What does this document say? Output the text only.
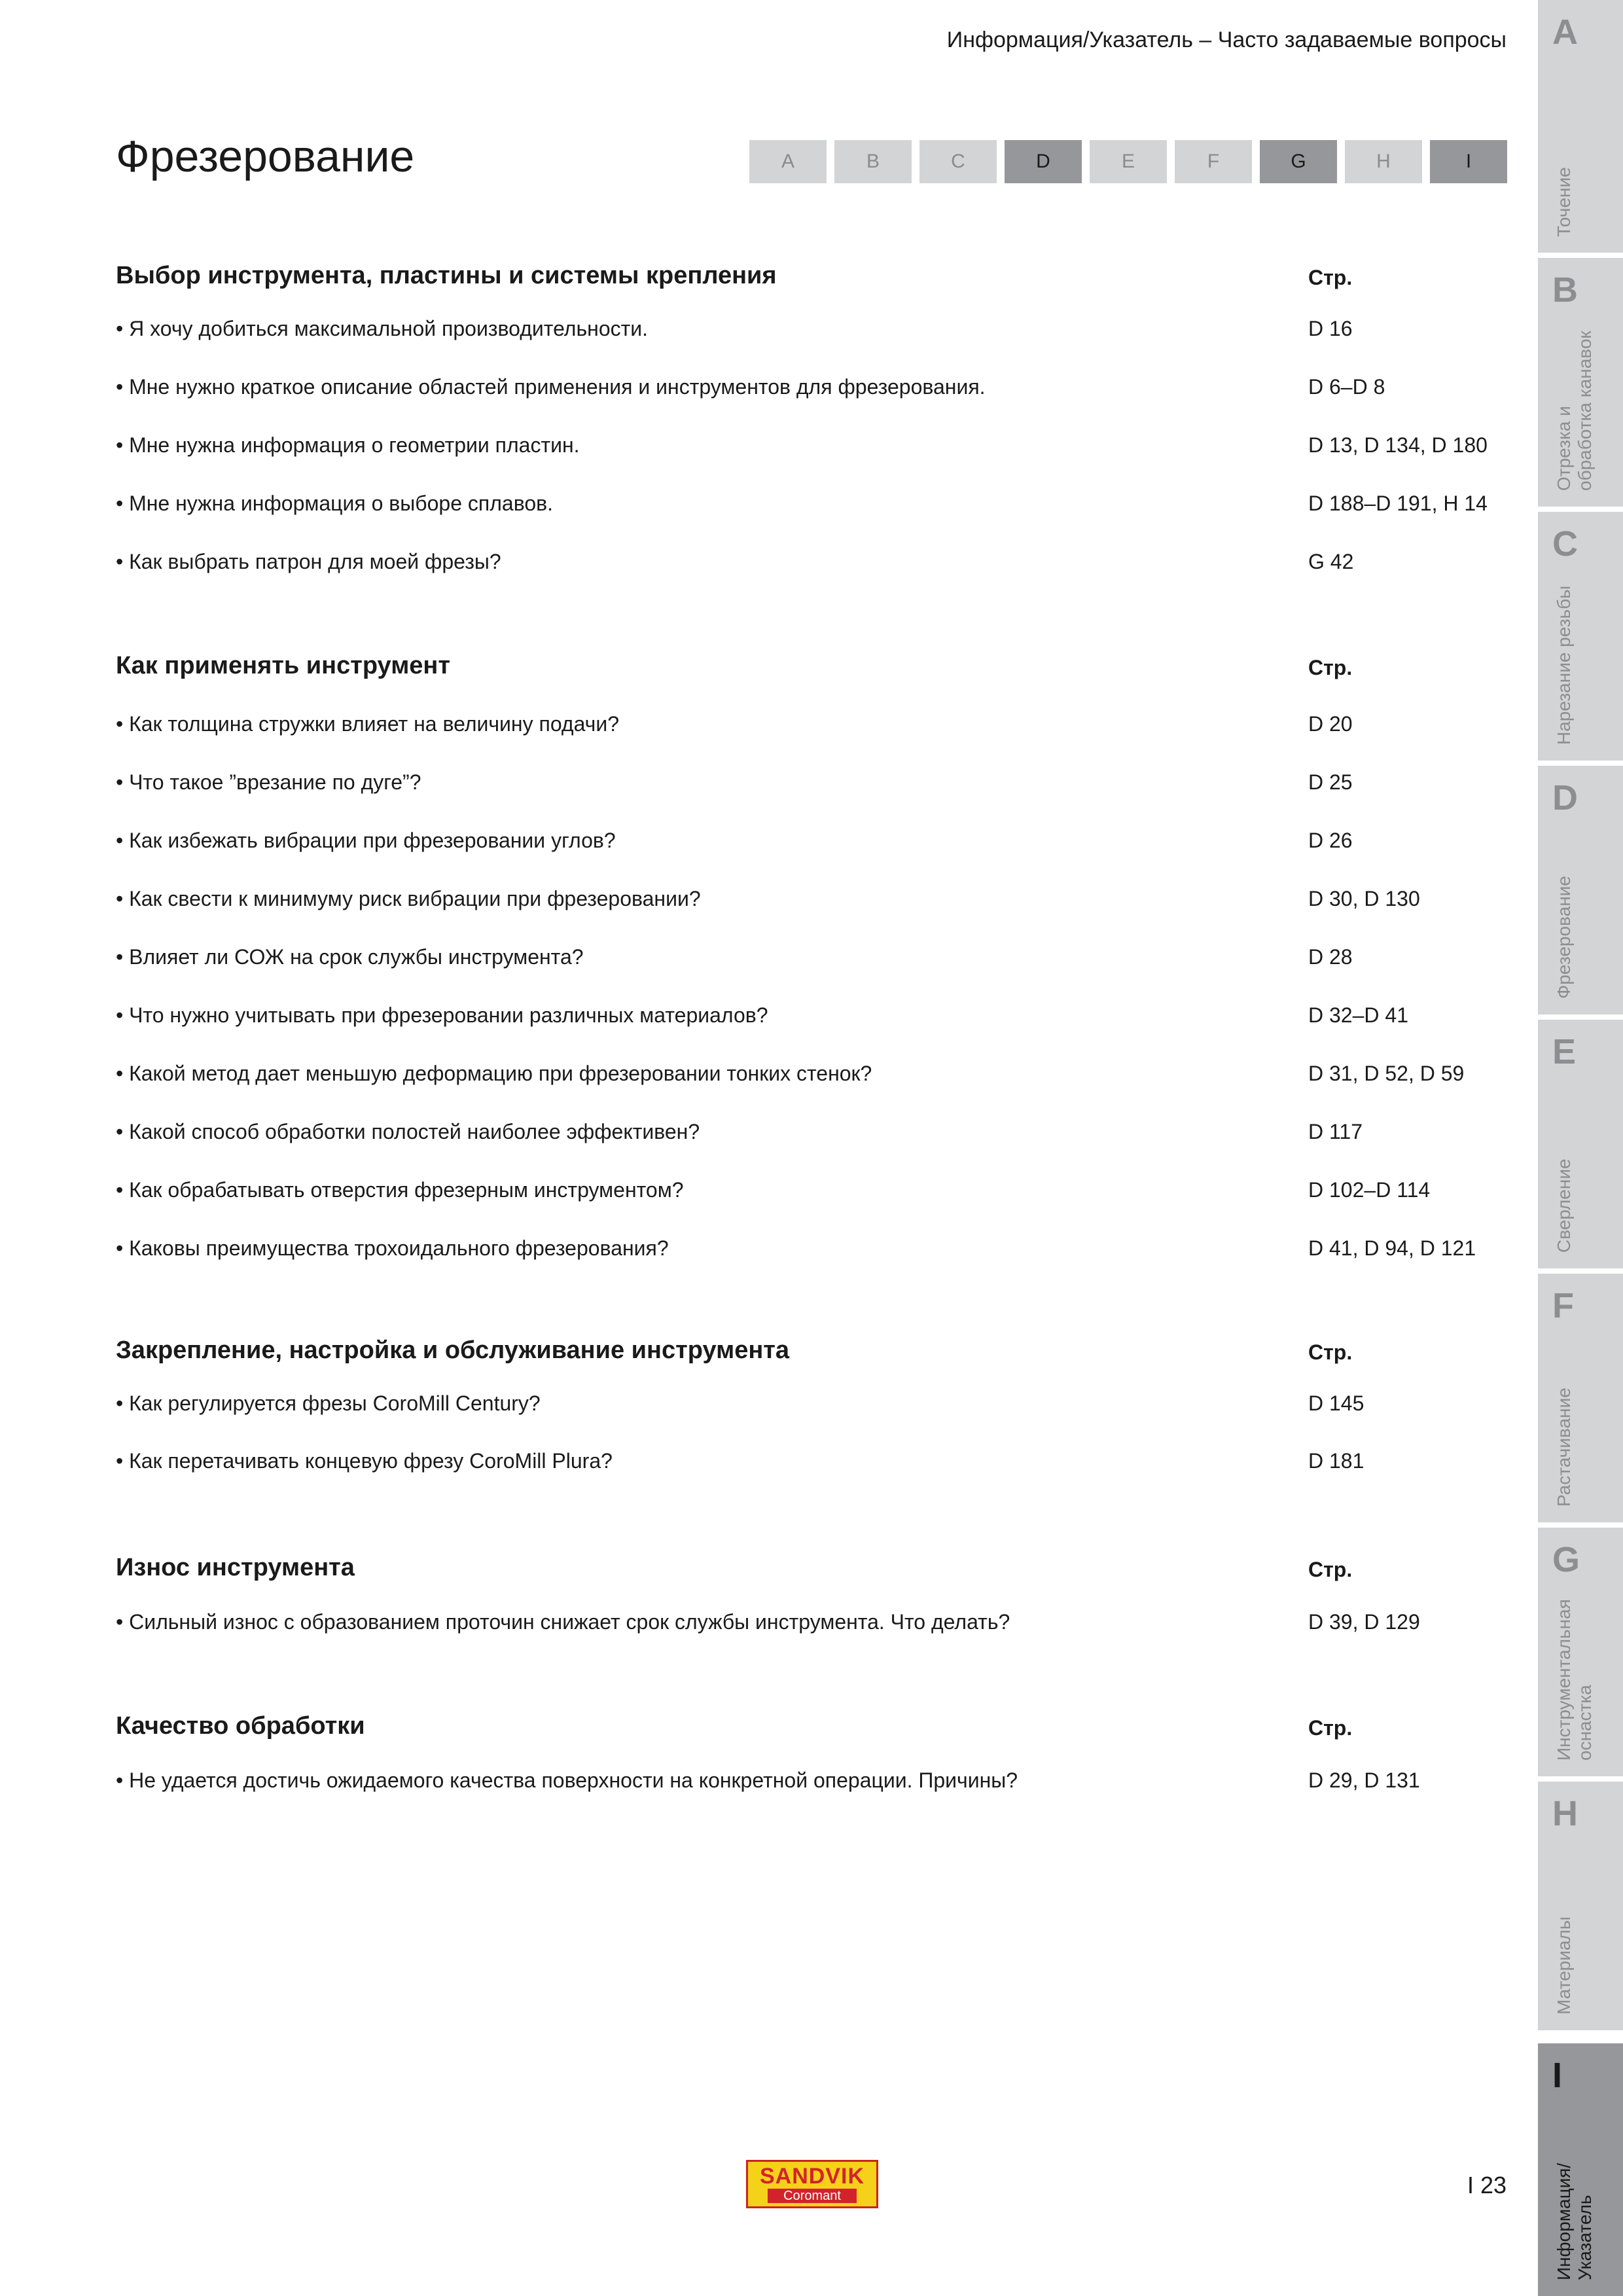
Информация/Указатель – Часто задаваемые вопросы
Фрезерование	A	B	C	D	E	F	G	H	I
Выбор инструмента, пластины и системы крепления	Стр.
• Я хочу добиться максимальной производительности.	D 16
• Мне нужно краткое описание областей применения и инструментов для фрезерования.	D 6–D 8
• Мне нужна информация о геометрии пластин.	D 13, D 134, D 180
• Мне нужна информация о выборе сплавов.	D 188–D 191, H 14
• Как выбрать патрон для моей фрезы?	G 42
Как применять инструмент	Стр.
• Как толщина стружки влияет на величину подачи?	D 20
• Что такое ”врезание по дуге”?	D 25
• Как избежать вибрации при фрезеровании углов?	D 26
• Как свести к минимуму риск вибрации при фрезеровании?	D 30, D 130
• Влияет ли СОЖ на срок службы инструмента?	D 28
• Что нужно учитывать при фрезеровании различных материалов?	D 32–D 41
• Какой метод дает меньшую деформацию при фрезеровании тонких стенок?	D 31, D 52, D 59
• Какой способ обработки полостей наиболее эффективен?	D 117
• Как обрабатывать отверстия фрезерным инструментом?	D 102–D 114
• Каковы преимущества трохоидального фрезерования?	D 41, D 94, D 121
Закрепление, настройка и обслуживание инструмента	Стр.
• Как регулируется фрезы CoroMill Century?	D 145
• Как перетачивать концевую фрезу CoroMill Plura?	D 181
Износ инструмента	Стр.
• Сильный износ с образованием проточин снижает срок службы инструмента. Что делать?	D 39, D 129
Качество обработки	Стр.
• Не удается достичь ожидаемого качества поверхности на конкретной операции. Причины?	D 29, D 131
A
Точение
B
Отрезка и
обработка канавок
C
Нарезание резьбы
D
Фрезерование
E
Сверление
F
Растачивание
G
Инструментальная
оснастка
H
Материалы
I
Информация/
Указатель
SANDVIK
Coromant	I 23
